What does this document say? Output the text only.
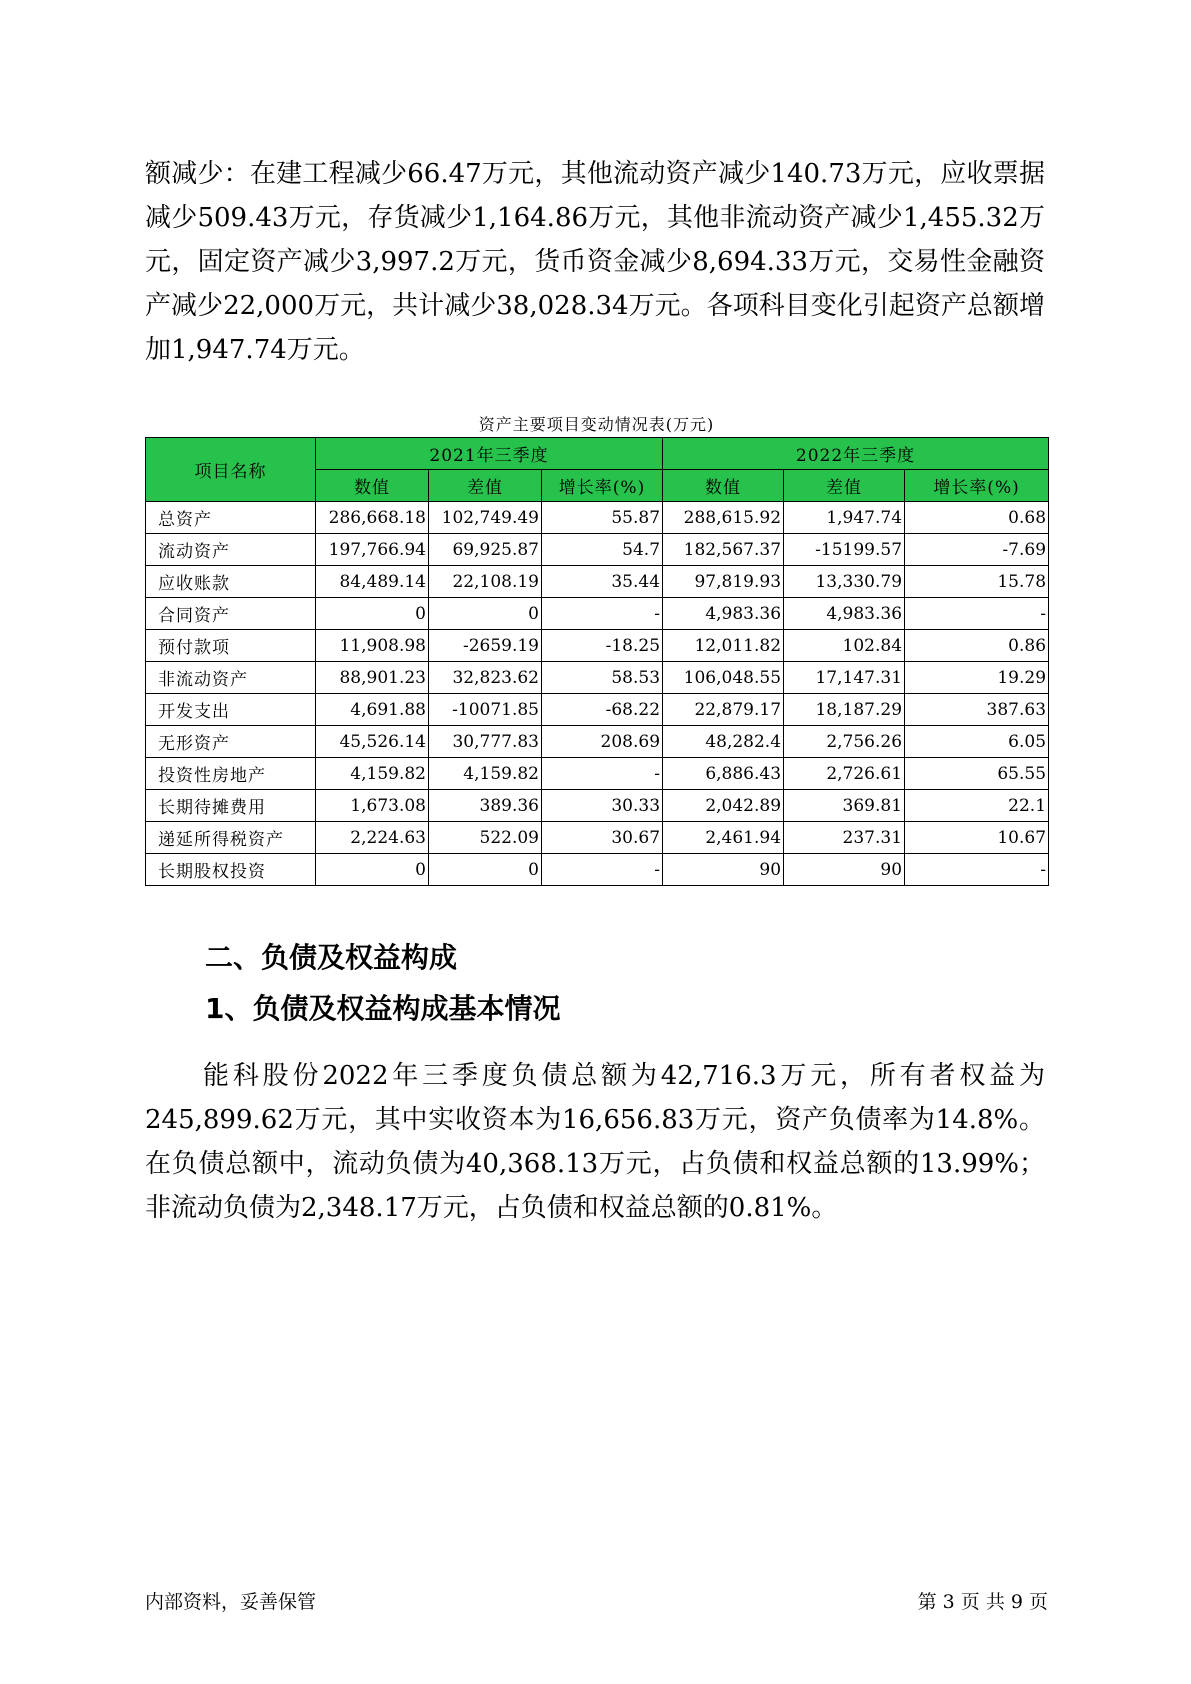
额减少：在建工程减少66.47万元，其他流动资产减少140.73万元，应收票据减少509.43万元，存货减少1,164.86万元，其他非流动资产减少1,455.32万元，固定资产减少3,997.2万元，货币资金减少8,694.33万元，交易性金融资产减少22,000万元，共计减少38,028.34万元。各项科目变化引起资产总额增加1,947.74万元。

资产主要项目变动情况表(万元)
项目名称	2021年三季度			2022年三季度		
	数值	差值	增长率(%)	数值	差值	增长率(%)
总资产	286,668.18	102,749.49	55.87	288,615.92	1,947.74	0.68
流动资产	197,766.94	69,925.87	54.7	182,567.37	-15199.57	-7.69
应收账款	84,489.14	22,108.19	35.44	97,819.93	13,330.79	15.78
合同资产	0	0	-	4,983.36	4,983.36	-
预付款项	11,908.98	-2659.19	-18.25	12,011.82	102.84	0.86
非流动资产	88,901.23	32,823.62	58.53	106,048.55	17,147.31	19.29
开发支出	4,691.88	-10071.85	-68.22	22,879.17	18,187.29	387.63
无形资产	45,526.14	30,777.83	208.69	48,282.4	2,756.26	6.05
投资性房地产	4,159.82	4,159.82	-	6,886.43	2,726.61	65.55
长期待摊费用	1,673.08	389.36	30.33	2,042.89	369.81	22.1
递延所得税资产	2,224.63	522.09	30.67	2,461.94	237.31	10.67
长期股权投资	0	0	-	90	90	-
二、负债及权益构成
1、负债及权益构成基本情况

能科股份2022年三季度负债总额为42,716.3万元，所有者权益为245,899.62万元，其中实收资本为16,656.83万元，资产负债率为14.8%。在负债总额中，流动负债为40,368.13万元，占负债和权益总额的13.99%；非流动负债为2,348.17万元，占负债和权益总额的0.81%。

内部资料，妥善保管	第 3 页 共 9 页
